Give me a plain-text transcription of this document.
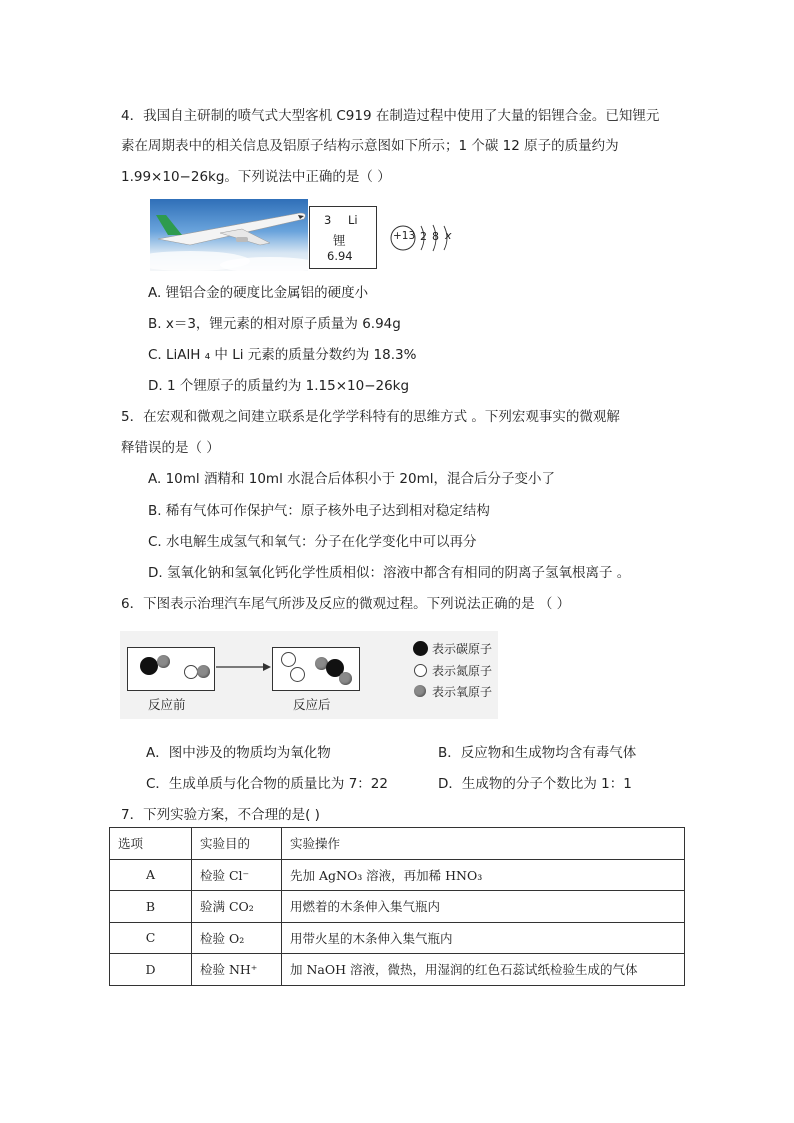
4．我国自主研制的喷气式大型客机 C919 在制造过程中使用了大量的铝锂合金。已知锂元
素在周期表中的相关信息及铝原子结构示意图如下所示；1 个碳 12 原子的质量约为
1.99×10−26kg。下列说法中正确的是（ ）
3 Li
锂
6.94
+13 2 8 x
A. 锂铝合金的硬度比金属铝的硬度小
B. x＝3，锂元素的相对原子质量为 6.94g
C. LiAlH ₄ 中 Li 元素的质量分数约为 18.3%
D. 1 个锂原子的质量约为 1.15×10−26kg
5．在宏观和微观之间建立联系是化学学科特有的思维方式 。下列宏观事实的微观解
释错误的是（ ）
A. 10ml 酒精和 10ml 水混合后体积小于 20ml，混合后分子变小了
B. 稀有气体可作保护气：原子核外电子达到相对稳定结构
C. 水电解生成氢气和氧气：分子在化学变化中可以再分
D. 氢氧化钠和氢氧化钙化学性质相似：溶液中都含有相同的阴离子氢氧根离子 。
6．下图表示治理汽车尾气所涉及反应的微观过程。下列说法正确的是 （ ）
反应前	反应后
表示碳原子
表示氮原子
表示氧原子
A．图中涉及的物质均为氧化物	B．反应物和生成物均含有毒气体
C．生成单质与化合物的质量比为 7：22	D．生成物的分子个数比为 1：1
7．下列实验方案，不合理的是( )
选项	实验目的	实验操作
A	检验 Cl⁻	先加 AgNO₃ 溶液，再加稀 HNO₃
B	验满 CO₂	用燃着的木条伸入集气瓶内
C	检验 O₂	用带火星的木条伸入集气瓶内
D	检验 NH⁺	加 NaOH 溶液，微热，用湿润的红色石蕊试纸检验生成的气体
